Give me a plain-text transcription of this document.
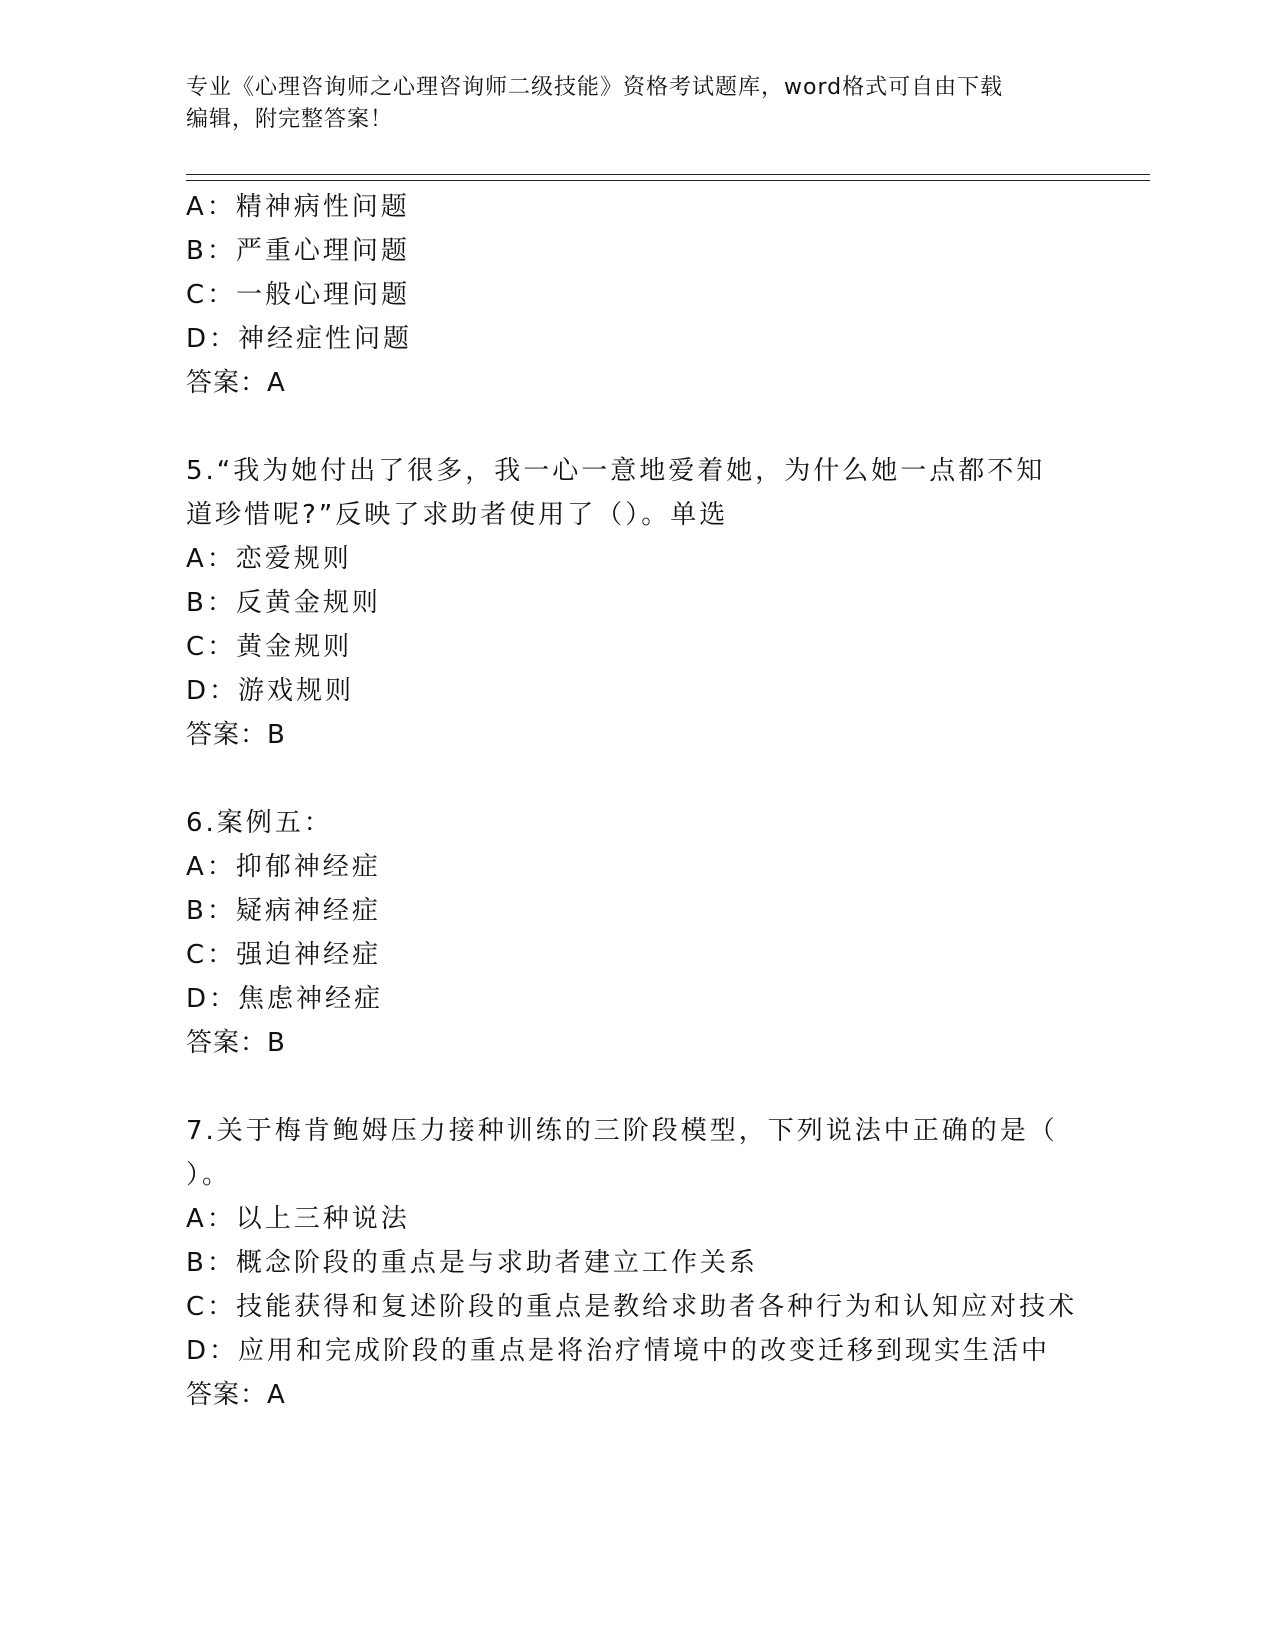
专业《心理咨询师之心理咨询师二级技能》资格考试题库，word格式可自由下载
编辑，附完整答案！
A：精神病性问题
B：严重心理问题
C：一般心理问题
D：神经症性问题
答案：A
5.“我为她付出了很多，我一心一意地爱着她，为什么她一点都不知
道珍惜呢?”反映了求助者使用了（）。单选
A：恋爱规则
B：反黄金规则
C：黄金规则
D：游戏规则
答案：B
6.案例五：
A：抑郁神经症
B：疑病神经症
C：强迫神经症
D：焦虑神经症
答案：B
7.关于梅肯鲍姆压力接种训练的三阶段模型，下列说法中正确的是（
）。
A：以上三种说法
B：概念阶段的重点是与求助者建立工作关系
C：技能获得和复述阶段的重点是教给求助者各种行为和认知应对技术
D：应用和完成阶段的重点是将治疗情境中的改变迁移到现实生活中
答案：A
